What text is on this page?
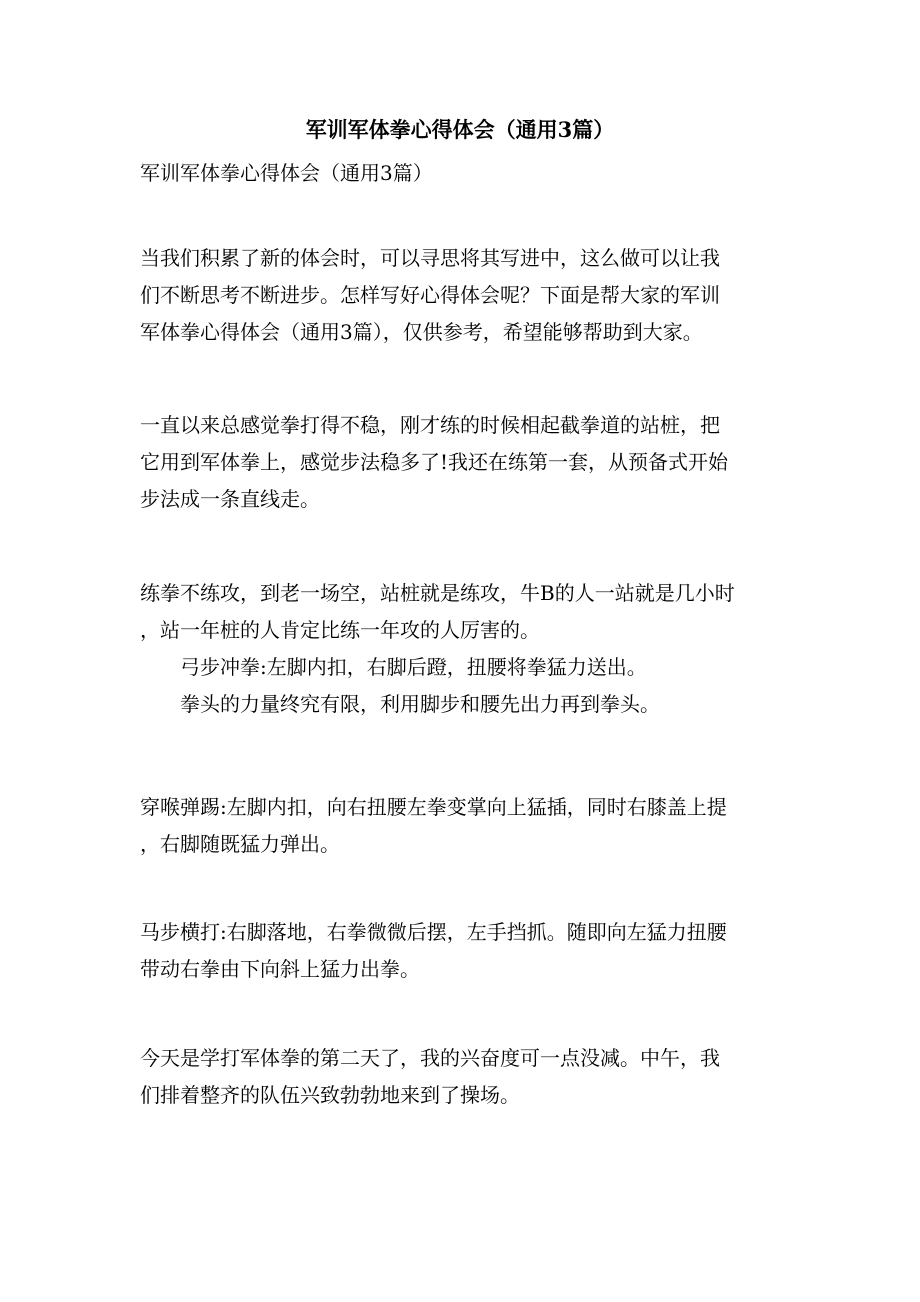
军训军体拳心得体会（通用3篇）
军训军体拳心得体会（通用3篇）
当我们积累了新的体会时，可以寻思将其写进中，这么做可以让我
们不断思考不断进步。怎样写好心得体会呢？下面是帮大家的军训
军体拳心得体会（通用3篇），仅供参考，希望能够帮助到大家。
一直以来总感觉拳打得不稳，刚才练的时候相起截拳道的站桩，把
它用到军体拳上，感觉步法稳多了!我还在练第一套，从预备式开始
步法成一条直线走。
练拳不练攻，到老一场空，站桩就是练攻，牛B的人一站就是几小时
，站一年桩的人肯定比练一年攻的人厉害的。
　　弓步冲拳:左脚内扣，右脚后蹬，扭腰将拳猛力送出。
　　拳头的力量终究有限，利用脚步和腰先出力再到拳头。
穿喉弹踢:左脚内扣，向右扭腰左拳变掌向上猛插，同时右膝盖上提
，右脚随既猛力弹出。
马步横打:右脚落地，右拳微微后摆，左手挡抓。随即向左猛力扭腰
带动右拳由下向斜上猛力出拳。
今天是学打军体拳的第二天了，我的兴奋度可一点没减。中午，我
们排着整齐的队伍兴致勃勃地来到了操场。
